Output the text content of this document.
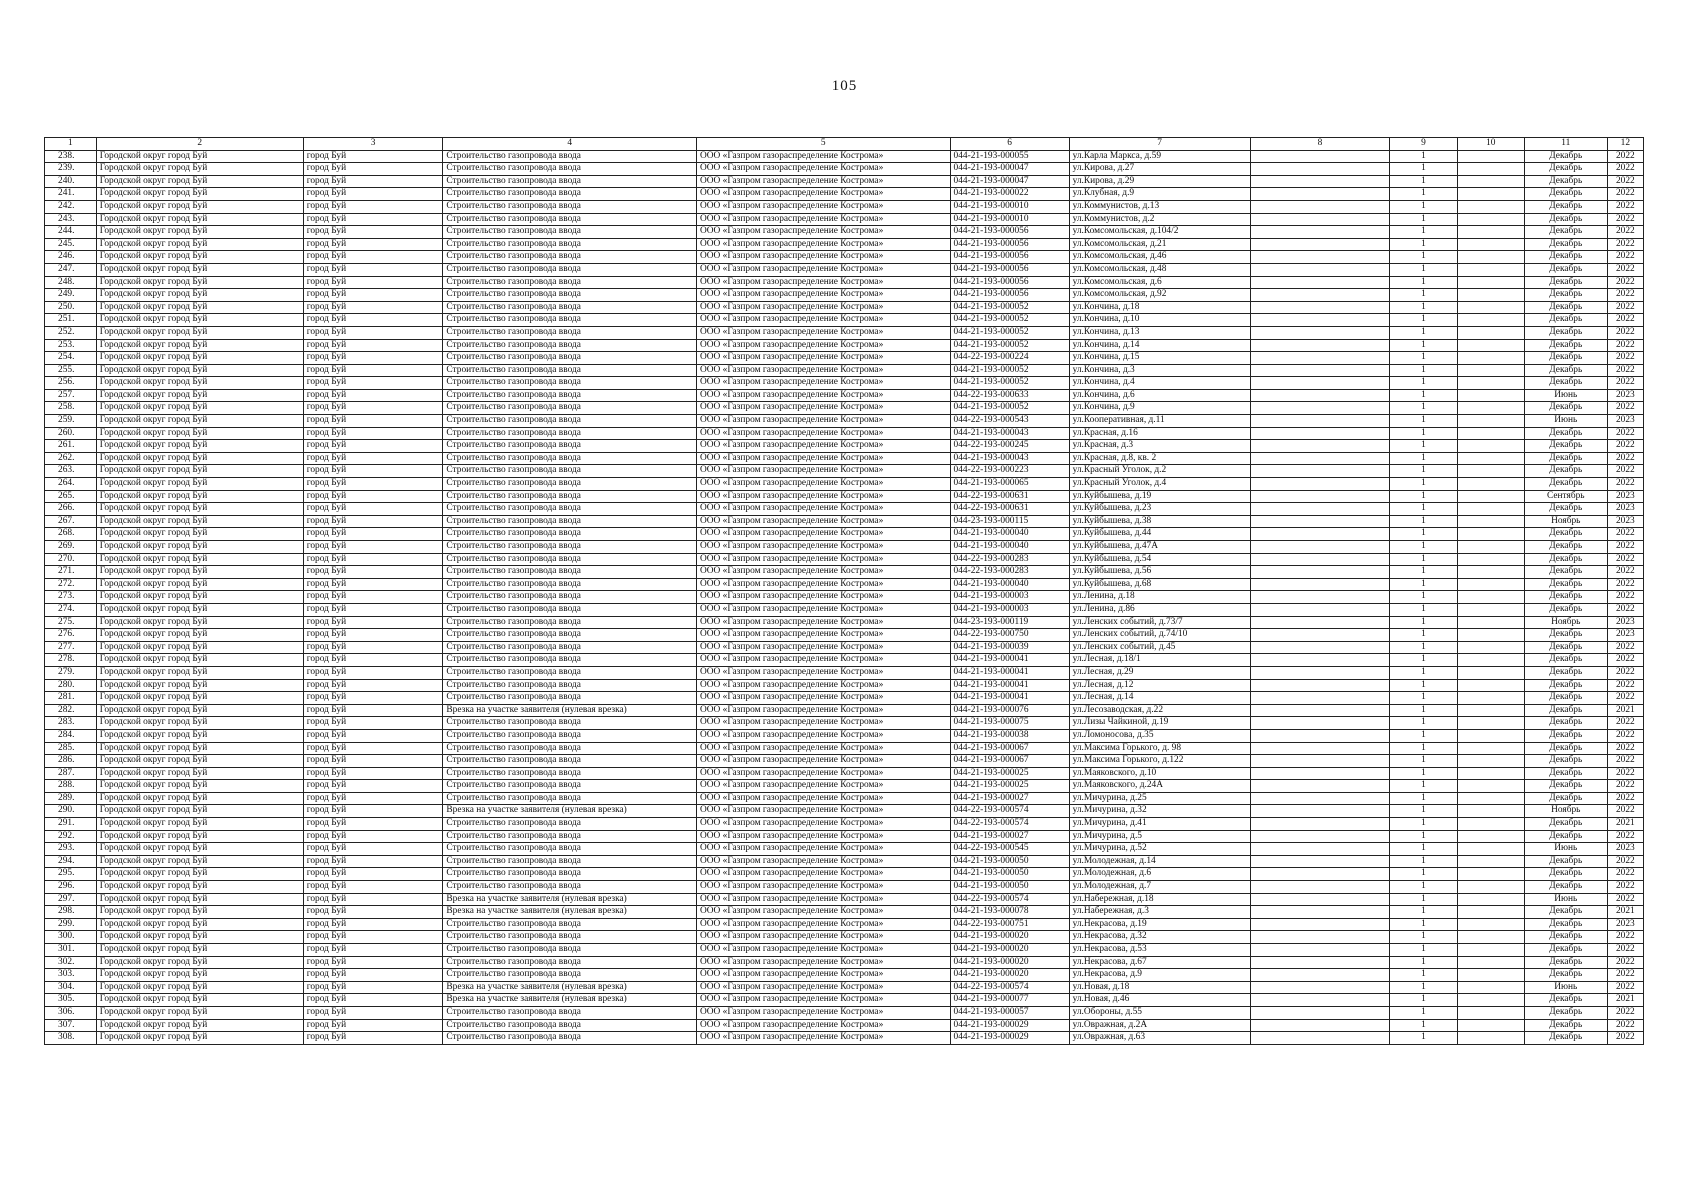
105
1	2	3	4	5	6	7	8	9	10	11	12
238.	Городской округ город Буй	город Буй	Строительство газопровода ввода	ООО «Газпром газораспределение Кострома»	044-21-193-000055	ул.Карла Маркса, д.59		1		Декабрь	2022
239.	Городской округ город Буй	город Буй	Строительство газопровода ввода	ООО «Газпром газораспределение Кострома»	044-21-193-000047	ул.Кирова, д.27		1		Декабрь	2022
240.	Городской округ город Буй	город Буй	Строительство газопровода ввода	ООО «Газпром газораспределение Кострома»	044-21-193-000047	ул.Кирова, д.29		1		Декабрь	2022
241.	Городской округ город Буй	город Буй	Строительство газопровода ввода	ООО «Газпром газораспределение Кострома»	044-21-193-000022	ул.Клубная, д.9		1		Декабрь	2022
242.	Городской округ город Буй	город Буй	Строительство газопровода ввода	ООО «Газпром газораспределение Кострома»	044-21-193-000010	ул.Коммунистов, д.13		1		Декабрь	2022
243.	Городской округ город Буй	город Буй	Строительство газопровода ввода	ООО «Газпром газораспределение Кострома»	044-21-193-000010	ул.Коммунистов, д.2		1		Декабрь	2022
244.	Городской округ город Буй	город Буй	Строительство газопровода ввода	ООО «Газпром газораспределение Кострома»	044-21-193-000056	ул.Комсомольская, д.104/2		1		Декабрь	2022
245.	Городской округ город Буй	город Буй	Строительство газопровода ввода	ООО «Газпром газораспределение Кострома»	044-21-193-000056	ул.Комсомольская, д.21		1		Декабрь	2022
246.	Городской округ город Буй	город Буй	Строительство газопровода ввода	ООО «Газпром газораспределение Кострома»	044-21-193-000056	ул.Комсомольская, д.46		1		Декабрь	2022
247.	Городской округ город Буй	город Буй	Строительство газопровода ввода	ООО «Газпром газораспределение Кострома»	044-21-193-000056	ул.Комсомольская, д.48		1		Декабрь	2022
248.	Городской округ город Буй	город Буй	Строительство газопровода ввода	ООО «Газпром газораспределение Кострома»	044-21-193-000056	ул.Комсомольская, д.6		1		Декабрь	2022
249.	Городской округ город Буй	город Буй	Строительство газопровода ввода	ООО «Газпром газораспределение Кострома»	044-21-193-000056	ул.Комсомольская, д.92		1		Декабрь	2022
250.	Городской округ город Буй	город Буй	Строительство газопровода ввода	ООО «Газпром газораспределение Кострома»	044-21-193-000052	ул.Кончина, д.18		1		Декабрь	2022
251.	Городской округ город Буй	город Буй	Строительство газопровода ввода	ООО «Газпром газораспределение Кострома»	044-21-193-000052	ул.Кончина, д.10		1		Декабрь	2022
252.	Городской округ город Буй	город Буй	Строительство газопровода ввода	ООО «Газпром газораспределение Кострома»	044-21-193-000052	ул.Кончина, д.13		1		Декабрь	2022
253.	Городской округ город Буй	город Буй	Строительство газопровода ввода	ООО «Газпром газораспределение Кострома»	044-21-193-000052	ул.Кончина, д.14		1		Декабрь	2022
254.	Городской округ город Буй	город Буй	Строительство газопровода ввода	ООО «Газпром газораспределение Кострома»	044-22-193-000224	ул.Кончина, д.15		1		Декабрь	2022
255.	Городской округ город Буй	город Буй	Строительство газопровода ввода	ООО «Газпром газораспределение Кострома»	044-21-193-000052	ул.Кончина, д.3		1		Декабрь	2022
256.	Городской округ город Буй	город Буй	Строительство газопровода ввода	ООО «Газпром газораспределение Кострома»	044-21-193-000052	ул.Кончина, д.4		1		Декабрь	2022
257.	Городской округ город Буй	город Буй	Строительство газопровода ввода	ООО «Газпром газораспределение Кострома»	044-22-193-000633	ул.Кончина, д.6		1		Июнь	2023
258.	Городской округ город Буй	город Буй	Строительство газопровода ввода	ООО «Газпром газораспределение Кострома»	044-21-193-000052	ул.Кончина, д.9		1		Декабрь	2022
259.	Городской округ город Буй	город Буй	Строительство газопровода ввода	ООО «Газпром газораспределение Кострома»	044-22-193-000543	ул.Кооперативная, д.11		1		Июнь	2023
260.	Городской округ город Буй	город Буй	Строительство газопровода ввода	ООО «Газпром газораспределение Кострома»	044-21-193-000043	ул.Красная, д.16		1		Декабрь	2022
261.	Городской округ город Буй	город Буй	Строительство газопровода ввода	ООО «Газпром газораспределение Кострома»	044-22-193-000245	ул.Красная, д.3		1		Декабрь	2022
262.	Городской округ город Буй	город Буй	Строительство газопровода ввода	ООО «Газпром газораспределение Кострома»	044-21-193-000043	ул.Красная, д.8, кв. 2		1		Декабрь	2022
263.	Городской округ город Буй	город Буй	Строительство газопровода ввода	ООО «Газпром газораспределение Кострома»	044-22-193-000223	ул.Красный Уголок, д.2		1		Декабрь	2022
264.	Городской округ город Буй	город Буй	Строительство газопровода ввода	ООО «Газпром газораспределение Кострома»	044-21-193-000065	ул.Красный Уголок, д.4		1		Декабрь	2022
265.	Городской округ город Буй	город Буй	Строительство газопровода ввода	ООО «Газпром газораспределение Кострома»	044-22-193-000631	ул.Куйбышева, д.19		1		Сентябрь	2023
266.	Городской округ город Буй	город Буй	Строительство газопровода ввода	ООО «Газпром газораспределение Кострома»	044-22-193-000631	ул.Куйбышева, д.23		1		Декабрь	2023
267.	Городской округ город Буй	город Буй	Строительство газопровода ввода	ООО «Газпром газораспределение Кострома»	044-23-193-000115	ул.Куйбышева, д.38		1		Ноябрь	2023
268.	Городской округ город Буй	город Буй	Строительство газопровода ввода	ООО «Газпром газораспределение Кострома»	044-21-193-000040	ул.Куйбышева, д.44		1		Декабрь	2022
269.	Городской округ город Буй	город Буй	Строительство газопровода ввода	ООО «Газпром газораспределение Кострома»	044-21-193-000040	ул.Куйбышева, д.47А		1		Декабрь	2022
270.	Городской округ город Буй	город Буй	Строительство газопровода ввода	ООО «Газпром газораспределение Кострома»	044-22-193-000283	ул.Куйбышева, д.54		1		Декабрь	2022
271.	Городской округ город Буй	город Буй	Строительство газопровода ввода	ООО «Газпром газораспределение Кострома»	044-22-193-000283	ул.Куйбышева, д.56		1		Декабрь	2022
272.	Городской округ город Буй	город Буй	Строительство газопровода ввода	ООО «Газпром газораспределение Кострома»	044-21-193-000040	ул.Куйбышева, д.68		1		Декабрь	2022
273.	Городской округ город Буй	город Буй	Строительство газопровода ввода	ООО «Газпром газораспределение Кострома»	044-21-193-000003	ул.Ленина, д.18		1		Декабрь	2022
274.	Городской округ город Буй	город Буй	Строительство газопровода ввода	ООО «Газпром газораспределение Кострома»	044-21-193-000003	ул.Ленина, д.86		1		Декабрь	2022
275.	Городской округ город Буй	город Буй	Строительство газопровода ввода	ООО «Газпром газораспределение Кострома»	044-23-193-000119	ул.Ленских событий, д.73/7		1		Ноябрь	2023
276.	Городской округ город Буй	город Буй	Строительство газопровода ввода	ООО «Газпром газораспределение Кострома»	044-22-193-000750	ул.Ленских событий, д.74/10		1		Декабрь	2023
277.	Городской округ город Буй	город Буй	Строительство газопровода ввода	ООО «Газпром газораспределение Кострома»	044-21-193-000039	ул.Ленских событий, д.45		1		Декабрь	2022
278.	Городской округ город Буй	город Буй	Строительство газопровода ввода	ООО «Газпром газораспределение Кострома»	044-21-193-000041	ул.Лесная, д.18/1		1		Декабрь	2022
279.	Городской округ город Буй	город Буй	Строительство газопровода ввода	ООО «Газпром газораспределение Кострома»	044-21-193-000041	ул.Лесная, д.29		1		Декабрь	2022
280.	Городской округ город Буй	город Буй	Строительство газопровода ввода	ООО «Газпром газораспределение Кострома»	044-21-193-000041	ул.Лесная, д.12		1		Декабрь	2022
281.	Городской округ город Буй	город Буй	Строительство газопровода ввода	ООО «Газпром газораспределение Кострома»	044-21-193-000041	ул.Лесная, д.14		1		Декабрь	2022
282.	Городской округ город Буй	город Буй	Врезка на участке заявителя (нулевая врезка)	ООО «Газпром газораспределение Кострома»	044-21-193-000076	ул.Лесозаводская, д.22		1		Декабрь	2021
283.	Городской округ город Буй	город Буй	Строительство газопровода ввода	ООО «Газпром газораспределение Кострома»	044-21-193-000075	ул.Лизы Чайкиной, д.19		1		Декабрь	2022
284.	Городской округ город Буй	город Буй	Строительство газопровода ввода	ООО «Газпром газораспределение Кострома»	044-21-193-000038	ул.Ломоносова, д.35		1		Декабрь	2022
285.	Городской округ город Буй	город Буй	Строительство газопровода ввода	ООО «Газпром газораспределение Кострома»	044-21-193-000067	ул.Максима Горького, д. 98		1		Декабрь	2022
286.	Городской округ город Буй	город Буй	Строительство газопровода ввода	ООО «Газпром газораспределение Кострома»	044-21-193-000067	ул.Максима Горького, д.122		1		Декабрь	2022
287.	Городской округ город Буй	город Буй	Строительство газопровода ввода	ООО «Газпром газораспределение Кострома»	044-21-193-000025	ул.Маяковского, д.10		1		Декабрь	2022
288.	Городской округ город Буй	город Буй	Строительство газопровода ввода	ООО «Газпром газораспределение Кострома»	044-21-193-000025	ул.Маяковского, д.24А		1		Декабрь	2022
289.	Городской округ город Буй	город Буй	Строительство газопровода ввода	ООО «Газпром газораспределение Кострома»	044-21-193-000027	ул.Мичурина, д.25		1		Декабрь	2022
290.	Городской округ город Буй	город Буй	Врезка на участке заявителя (нулевая врезка)	ООО «Газпром газораспределение Кострома»	044-22-193-000574	ул.Мичурина, д.32		1		Ноябрь	2022
291.	Городской округ город Буй	город Буй	Строительство газопровода ввода	ООО «Газпром газораспределение Кострома»	044-22-193-000574	ул.Мичурина, д.41		1		Декабрь	2021
292.	Городской округ город Буй	город Буй	Строительство газопровода ввода	ООО «Газпром газораспределение Кострома»	044-21-193-000027	ул.Мичурина, д.5		1		Декабрь	2022
293.	Городской округ город Буй	город Буй	Строительство газопровода ввода	ООО «Газпром газораспределение Кострома»	044-22-193-000545	ул.Мичурина, д.52		1		Июнь	2023
294.	Городской округ город Буй	город Буй	Строительство газопровода ввода	ООО «Газпром газораспределение Кострома»	044-21-193-000050	ул.Молодежная, д.14		1		Декабрь	2022
295.	Городской округ город Буй	город Буй	Строительство газопровода ввода	ООО «Газпром газораспределение Кострома»	044-21-193-000050	ул.Молодежная, д.6		1		Декабрь	2022
296.	Городской округ город Буй	город Буй	Строительство газопровода ввода	ООО «Газпром газораспределение Кострома»	044-21-193-000050	ул.Молодежная, д.7		1		Декабрь	2022
297.	Городской округ город Буй	город Буй	Врезка на участке заявителя (нулевая врезка)	ООО «Газпром газораспределение Кострома»	044-22-193-000574	ул.Набережная, д.18		1		Июнь	2022
298.	Городской округ город Буй	город Буй	Врезка на участке заявителя (нулевая врезка)	ООО «Газпром газораспределение Кострома»	044-21-193-000078	ул.Набережная, д.3		1		Декабрь	2021
299.	Городской округ город Буй	город Буй	Строительство газопровода ввода	ООО «Газпром газораспределение Кострома»	044-22-193-000751	ул.Некрасова, д.19		1		Декабрь	2023
300.	Городской округ город Буй	город Буй	Строительство газопровода ввода	ООО «Газпром газораспределение Кострома»	044-21-193-000020	ул.Некрасова, д.32		1		Декабрь	2022
301.	Городской округ город Буй	город Буй	Строительство газопровода ввода	ООО «Газпром газораспределение Кострома»	044-21-193-000020	ул.Некрасова, д.53		1		Декабрь	2022
302.	Городской округ город Буй	город Буй	Строительство газопровода ввода	ООО «Газпром газораспределение Кострома»	044-21-193-000020	ул.Некрасова, д.67		1		Декабрь	2022
303.	Городской округ город Буй	город Буй	Строительство газопровода ввода	ООО «Газпром газораспределение Кострома»	044-21-193-000020	ул.Некрасова, д.9		1		Декабрь	2022
304.	Городской округ город Буй	город Буй	Врезка на участке заявителя (нулевая врезка)	ООО «Газпром газораспределение Кострома»	044-22-193-000574	ул.Новая, д.18		1		Июнь	2022
305.	Городской округ город Буй	город Буй	Врезка на участке заявителя (нулевая врезка)	ООО «Газпром газораспределение Кострома»	044-21-193-000077	ул.Новая, д.46		1		Декабрь	2021
306.	Городской округ город Буй	город Буй	Строительство газопровода ввода	ООО «Газпром газораспределение Кострома»	044-21-193-000057	ул.Обороны, д.55		1		Декабрь	2022
307.	Городской округ город Буй	город Буй	Строительство газопровода ввода	ООО «Газпром газораспределение Кострома»	044-21-193-000029	ул.Овражная, д.2А		1		Декабрь	2022
308.	Городской округ город Буй	город Буй	Строительство газопровода ввода	ООО «Газпром газораспределение Кострома»	044-21-193-000029	ул.Овражная, д.63		1		Декабрь	2022
